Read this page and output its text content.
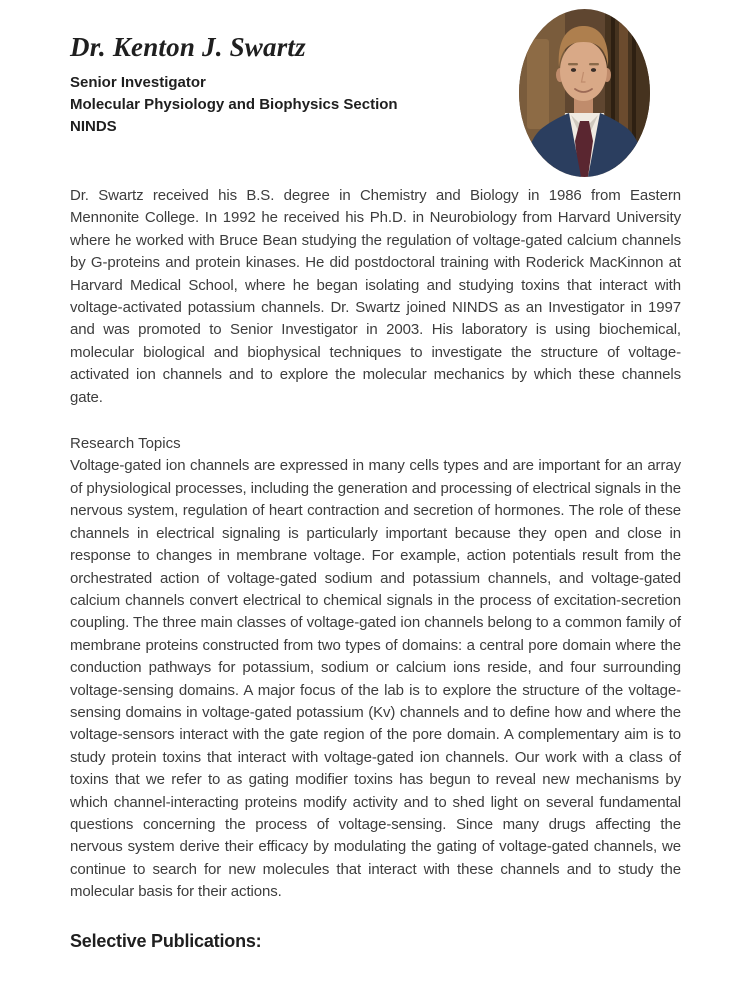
Dr. Kenton J. Swartz
Senior Investigator
Molecular Physiology and Biophysics Section
NINDS

Dr. Swartz received his B.S. degree in Chemistry and Biology in 1986 from Eastern Mennonite College. In 1992 he received his Ph.D. in Neurobiology from Harvard University where he worked with Bruce Bean studying the regulation of voltage-gated calcium channels by G-proteins and protein kinases. He did postdoctoral training with Roderick MacKinnon at Harvard Medical School, where he began isolating and studying toxins that interact with voltage-activated potassium channels. Dr. Swartz joined NINDS as an Investigator in 1997 and was promoted to Senior Investigator in 2003. His laboratory is using biochemical, molecular biological and biophysical techniques to investigate the structure of voltage-activated ion channels and to explore the molecular mechanics by which these channels gate.

Research Topics

Voltage-gated ion channels are expressed in many cells types and are important for an array of physiological processes, including the generation and processing of electrical signals in the nervous system, regulation of heart contraction and secretion of hormones. The role of these channels in electrical signaling is particularly important because they open and close in response to changes in membrane voltage. For example, action potentials result from the orchestrated action of voltage-gated sodium and potassium channels, and voltage-gated calcium channels convert electrical to chemical signals in the process of excitation-secretion coupling. The three main classes of voltage-gated ion channels belong to a common family of membrane proteins constructed from two types of domains: a central pore domain where the conduction pathways for potassium, sodium or calcium ions reside, and four surrounding voltage-sensing domains. A major focus of the lab is to explore the structure of the voltage-sensing domains in voltage-gated potassium (Kv) channels and to define how and where the voltage-sensors interact with the gate region of the pore domain. A complementary aim is to study protein toxins that interact with voltage-gated ion channels. Our work with a class of toxins that we refer to as gating modifier toxins has begun to reveal new mechanisms by which channel-interacting proteins modify activity and to shed light on several fundamental questions concerning the process of voltage-sensing. Since many drugs affecting the nervous system derive their efficacy by modulating the gating of voltage-gated channels, we continue to search for new molecules that interact with these channels and to study the molecular basis for their actions.

Selective Publications:
